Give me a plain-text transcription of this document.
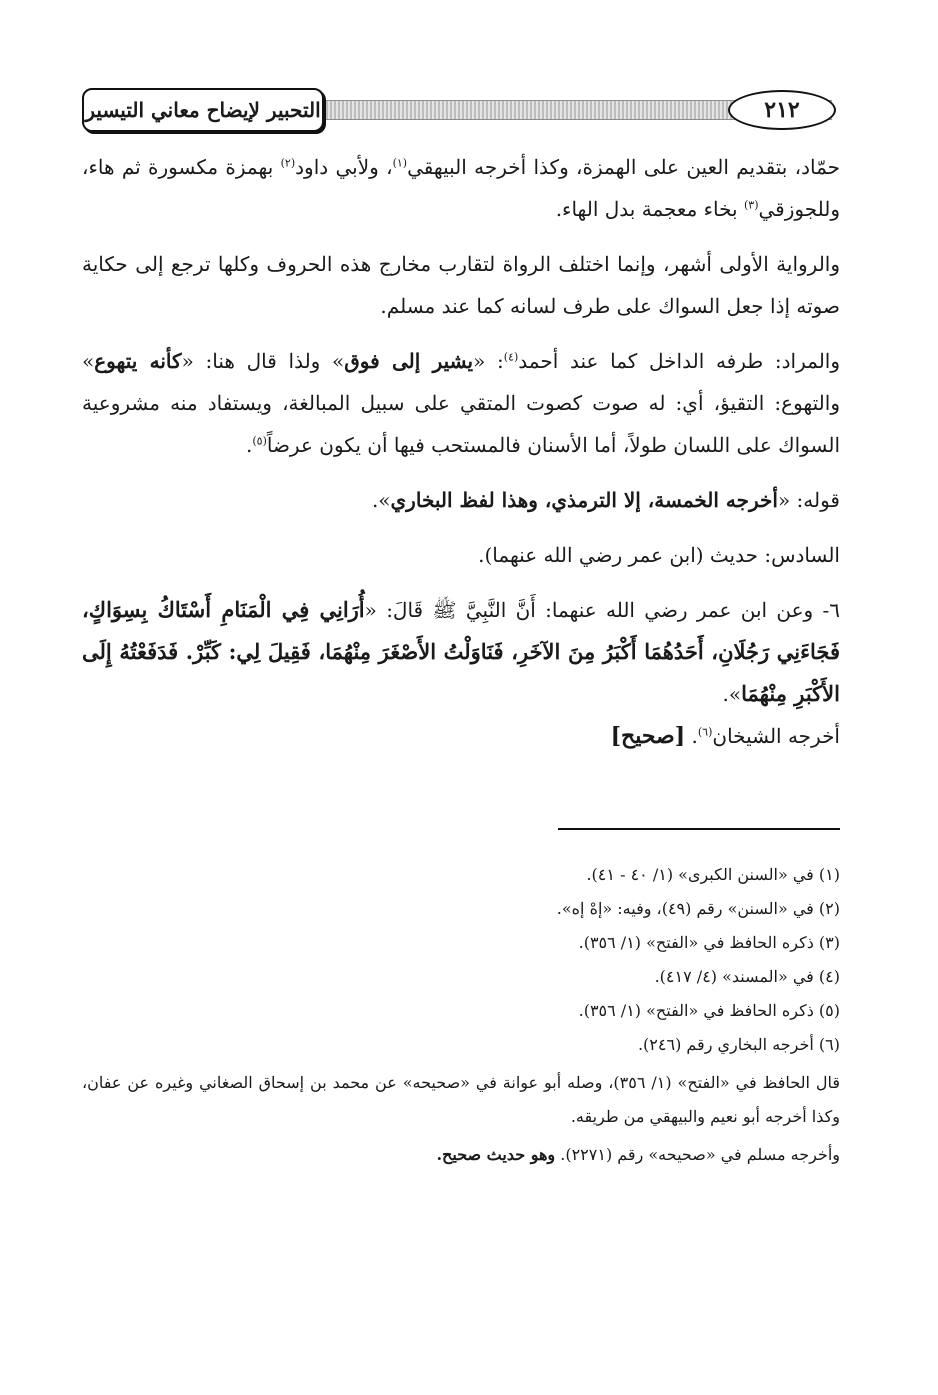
التحبير لإيضاح معاني التيسير	٢١٢

حمّاد، بتقديم العين على الهمزة، وكذا أخرجه البيهقي$^{(١)}$، ولأبي داود$^{(٢)}$ بهمزة مكسورة ثم هاء، وللجوزقي$^{(٣)}$ بخاء معجمة بدل الهاء.

والرواية الأولى أشهر، وإنما اختلف الرواة لتقارب مخارج هذه الحروف وكلها ترجع إلى حكاية صوته إذا جعل السواك على طرف لسانه كما عند مسلم.

والمراد: طرفه الداخل كما عند أحمد$^{(٤)}$: «يشير إلى فوق» ولذا قال هنا: «كأنه يتهوع» والتهوع: التقيؤ، أي: له صوت كصوت المتقي على سبيل المبالغة، ويستفاد منه مشروعية السواك على اللسان طولاً، أما الأسنان فالمستحب فيها أن يكون عرضاً$^{(٥)}$.

قوله: «أخرجه الخمسة، إلا الترمذي، وهذا لفظ البخاري».

السادس: حديث (ابن عمر رضي الله عنهما).

٦- وعن ابن عمر رضي الله عنهما: أَنَّ النَّبِيَّ ﷺ قَالَ: «أُرَانِي فِي الْمَنَامِ أَسْتَاكُ بِسِوَاكٍ، فَجَاءَنِي رَجُلَانِ، أَحَدُهُمَا أَكْبَرُ مِنَ الآخَرِ، فَنَاوَلْتُ الأَصْغَرَ مِنْهُمَا، فَقِيلَ لِي: كَبِّرْ. فَدَفَعْتُهُ إِلَى الأَكْبَرِ مِنْهُمَا».
أخرجه الشيخان$^{(٦)}$. [صحيح]

(١) في «السنن الكبرى» (١/ ٤٠ - ٤١).
(٢) في «السنن» رقم (٤٩)، وفيه: «إهْ إه».
(٣) ذكره الحافظ في «الفتح» (١/ ٣٥٦).
(٤) في «المسند» (٤/ ٤١٧).
(٥) ذكره الحافظ في «الفتح» (١/ ٣٥٦).
(٦) أخرجه البخاري رقم (٢٤٦).
قال الحافظ في «الفتح» (١/ ٣٥٦)، وصله أبو عوانة في «صحيحه» عن محمد بن إسحاق الصغاني وغيره عن عفان، وكذا أخرجه أبو نعيم والبيهقي من طريقه.
وأخرجه مسلم في «صحيحه» رقم (٢٢٧١). وهو حديث صحيح.
